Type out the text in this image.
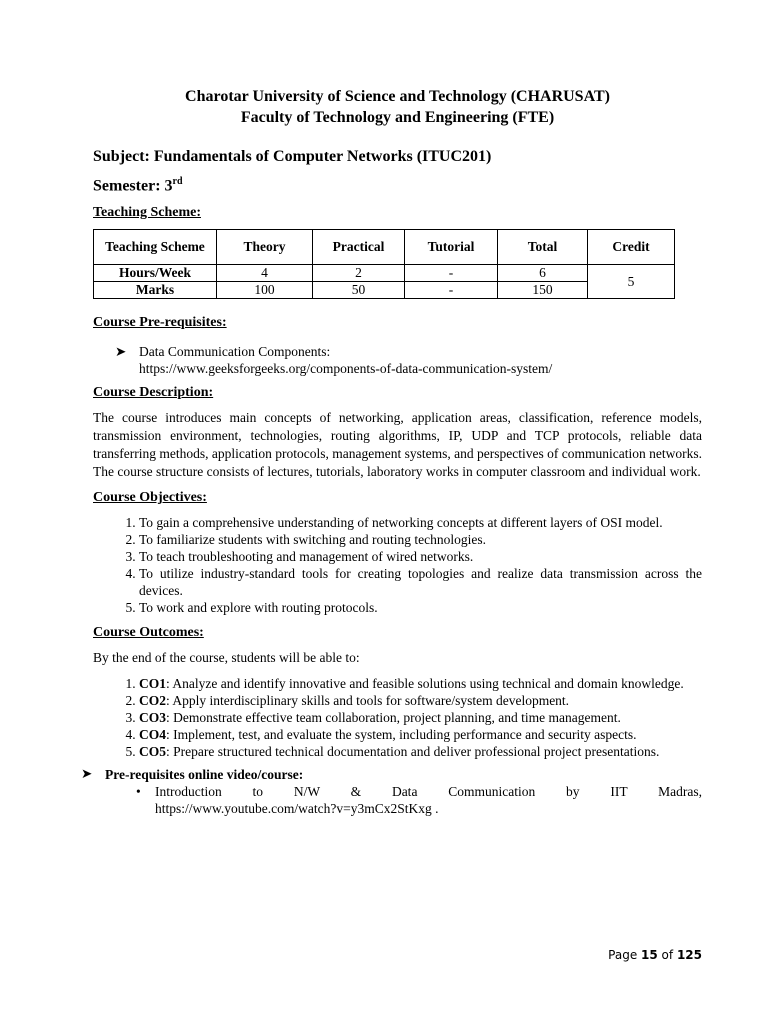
Charotar University of Science and Technology (CHARUSAT)
Faculty of Technology and Engineering (FTE)
Subject: Fundamentals of Computer Networks (ITUC201)
Semester: 3rd
Teaching Scheme:
Teaching Scheme	Theory	Practical	Tutorial	Total	Credit
Hours/Week	4	2	-	6	5
Marks	100	50	-	150	
Course Pre-requisites:
➤ Data Communication Components:
https://www.geeksforgeeks.org/components-of-data-communication-system/
Course Description:

The course introduces main concepts of networking, application areas, classification, reference models, transmission environment, technologies, routing algorithms, IP, UDP and TCP protocols, reliable data transferring methods, application protocols, management systems, and perspectives of communication networks. The course structure consists of lectures, tutorials, laboratory works in computer classroom and individual work.

Course Objectives:
1. To gain a comprehensive understanding of networking concepts at different layers of OSI model.
2. To familiarize students with switching and routing technologies.
3. To teach troubleshooting and management of wired networks.
4. To utilize industry-standard tools for creating topologies and realize data transmission across the devices.
5. To work and explore with routing protocols.
Course Outcomes:
By the end of the course, students will be able to:
1. CO1: Analyze and identify innovative and feasible solutions using technical and domain knowledge.
2. CO2: Apply interdisciplinary skills and tools for software/system development.
3. CO3: Demonstrate effective team collaboration, project planning, and time management.
4. CO4: Implement, test, and evaluate the system, including performance and security aspects.
5. CO5: Prepare structured technical documentation and deliver professional project presentations.
➤ Pre-requisites online video/course:
• Introduction to N/W & Data Communication by IIT Madras,
https://www.youtube.com/watch?v=y3mCx2StKxg .
Page 15 of 125
